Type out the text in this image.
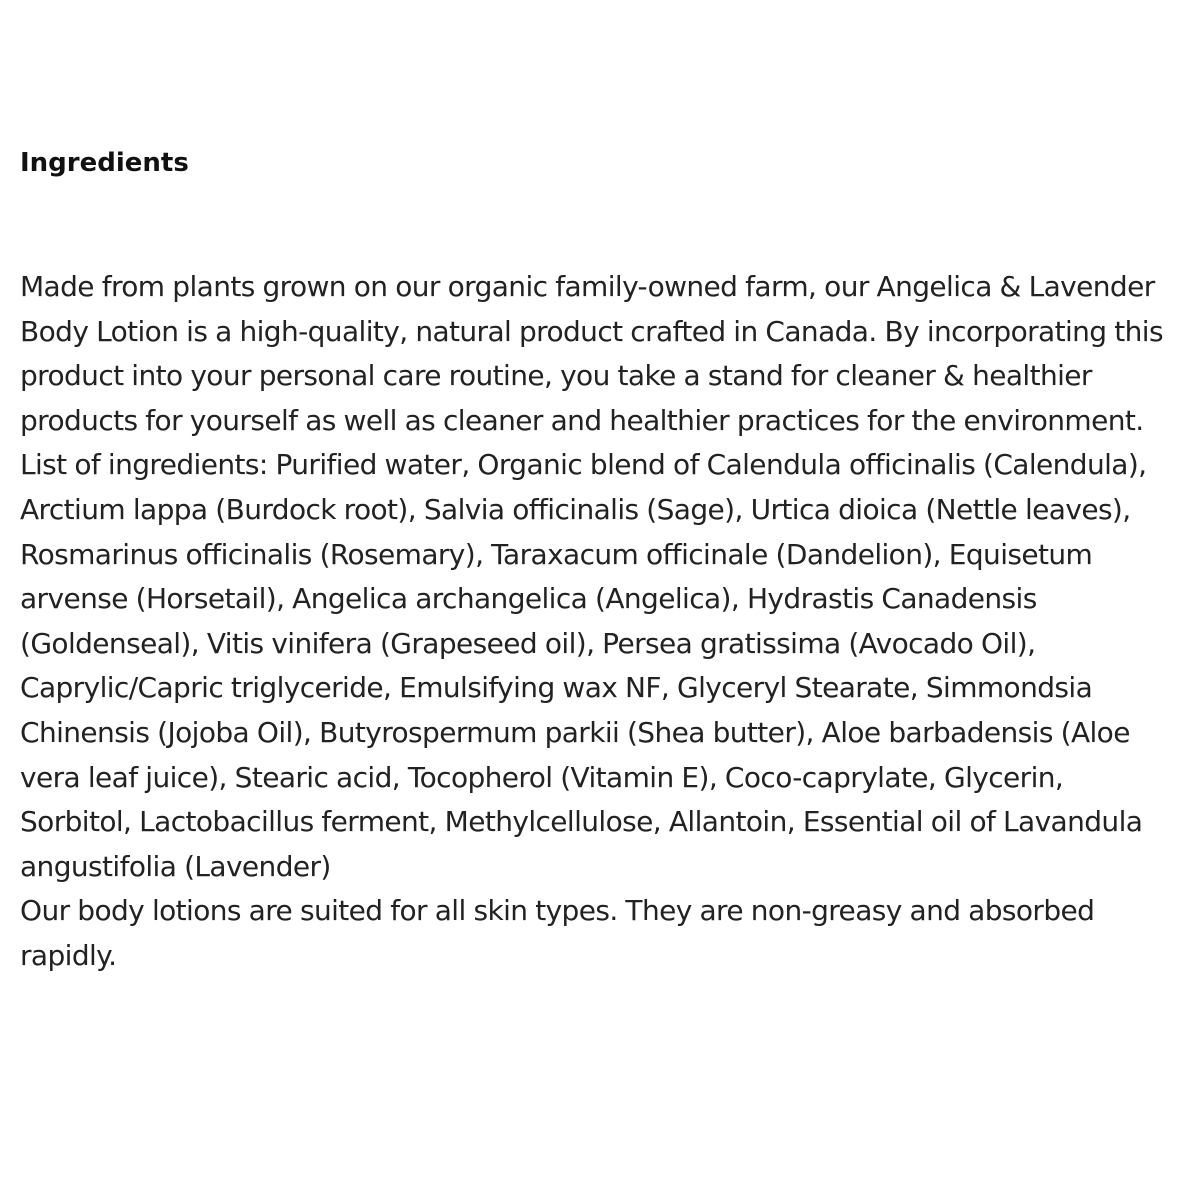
Ingredients

Made from plants grown on our organic family-owned farm, our Angelica & Lavender Body Lotion is a high-quality, natural product crafted in Canada. By incorporating this product into your personal care routine, you take a stand for cleaner & healthier products for yourself as well as cleaner and healthier practices for the environment.

List of ingredients: Purified water, Organic blend of Calendula officinalis (Calendula), Arctium lappa (Burdock root), Salvia officinalis (Sage), Urtica dioica (Nettle leaves), Rosmarinus officinalis (Rosemary), Taraxacum officinale (Dandelion), Equisetum arvense (Horsetail), Angelica archangelica (Angelica), Hydrastis Canadensis (Goldenseal), Vitis vinifera (Grapeseed oil), Persea gratissima (Avocado Oil), Caprylic/Capric triglyceride, Emulsifying wax NF, Glyceryl Stearate, Simmondsia Chinensis (Jojoba Oil), Butyrospermum parkii (Shea butter), Aloe barbadensis (Aloe vera leaf juice), Stearic acid, Tocopherol (Vitamin E), Coco-caprylate, Glycerin, Sorbitol, Lactobacillus ferment, Methylcellulose, Allantoin, Essential oil of Lavandula angustifolia (Lavender)

Our body lotions are suited for all skin types. They are non-greasy and absorbed rapidly.
